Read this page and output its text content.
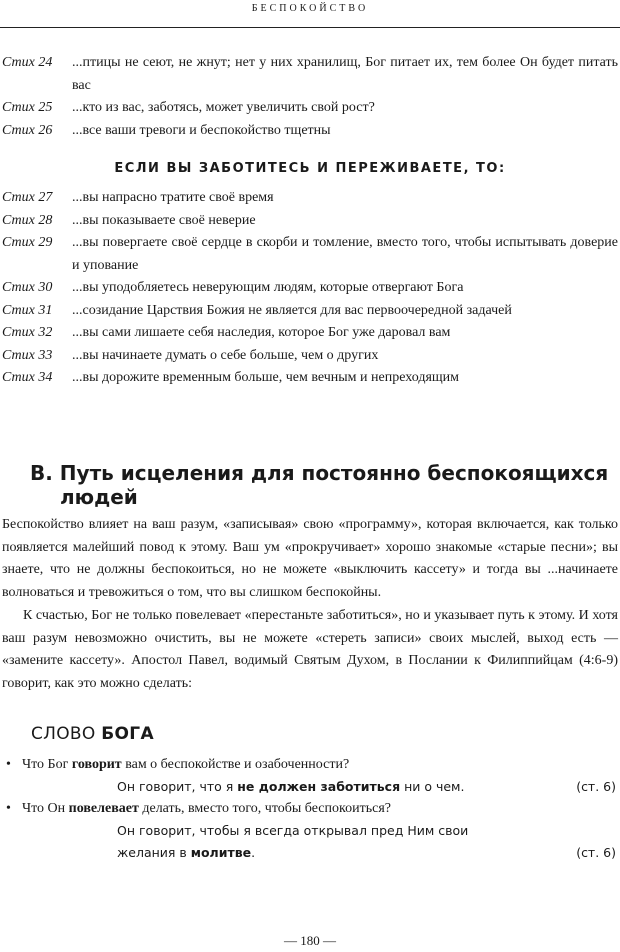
БЕСПОКОЙСТВО
Стих 24 ...птицы не сеют, не жнут; нет у них хранилищ, Бог питает их, тем более Он будет питать вас
Стих 25 ...кто из вас, заботясь, может увеличить свой рост?
Стих 26 ...все ваши тревоги и беспокойство тщетны
ЕСЛИ ВЫ ЗАБОТИТЕСЬ И ПЕРЕЖИВАЕТЕ, ТО:
Стих 27 ...вы напрасно тратите своё время
Стих 28 ...вы показываете своё неверие
Стих 29 ...вы повергаете своё сердце в скорби и томление, вместо того, чтобы испытывать доверие и упование
Стих 30 ...вы уподобляетесь неверующим людям, которые отвергают Бога
Стих 31 ...созидание Царствия Божия не является для вас первоочередной задачей
Стих 32 ...вы сами лишаете себя наследия, которое Бог уже даровал вам
Стих 33 ...вы начинаете думать о себе больше, чем о других
Стих 34 ...вы дорожите временным больше, чем вечным и непреходящим
B. Путь исцеления для постоянно беспокоящихся
людей

Беспокойство влияет на ваш разум, «записывая» свою «программу», которая включается, как только появляется малейший повод к этому. Ваш ум «прокручивает» хорошо знакомые «старые песни»; вы знаете, что не должны беспокоиться, но не можете «выключить кассету» и тогда вы ...начинаете волноваться и тревожиться о том, что вы слишком беспокойны.

К счастью, Бог не только повелевает «перестаньте заботиться», но и указывает путь к этому. И хотя ваш разум невозможно очистить, вы не можете «стереть записи» своих мыслей, выход есть — «замените кассету». Апостол Павел, водимый Святым Духом, в Послании к Филиппийцам (4:6-9) говорит, как это можно сделать:

СЛОВО БОГА
• Что Бог говорит вам о беспокойстве и озабоченности?
Он говорит, что я не должен заботиться ни о чем.	(ст. 6)
• Что Он повелевает делать, вместо того, чтобы беспокоиться?
Он говорит, чтобы я всегда открывал пред Ним свои желания в молитве.	(ст. 6)
— 180 —
